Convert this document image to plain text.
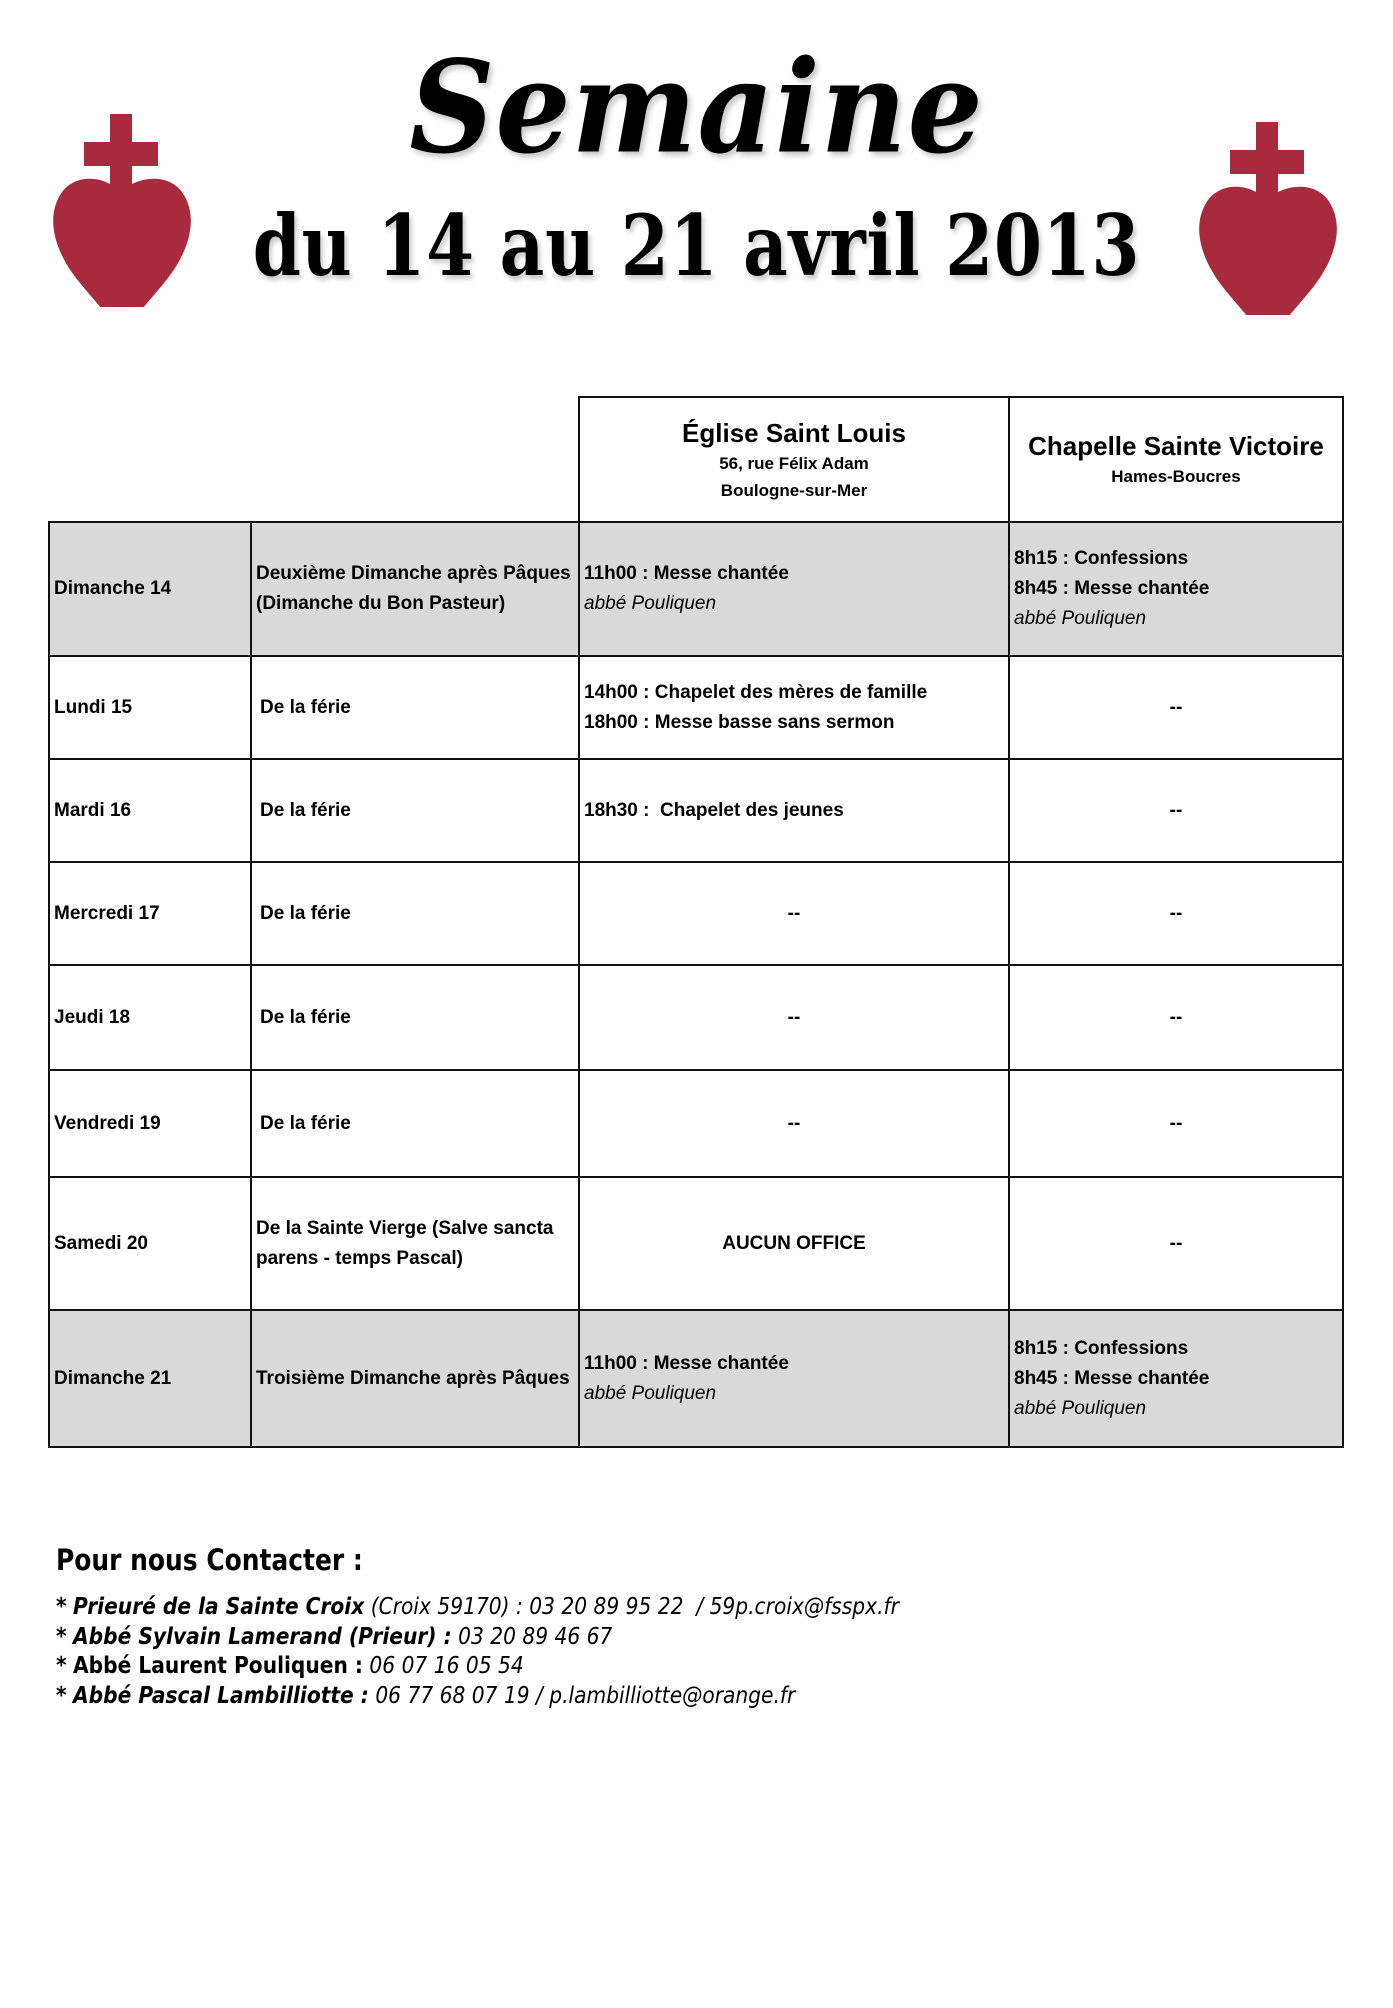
Semaine
du 14 au 21 avril 2013

		Église Saint Louis
56, rue Félix Adam
Boulogne-sur-Mer	Chapelle Sainte Victoire
Hames-Boucres

Dimanche 14	Deuxième Dimanche après Pâques (Dimanche du Bon Pasteur)	11h00 : Messe chantée
abbé Pouliquen	8h15 : Confessions
8h45 : Messe chantée
abbé Pouliquen

Lundi 15	De la férie	14h00 : Chapelet des mères de famille
18h00 : Messe basse sans sermon	--
Mardi 16	De la férie	18h30 :  Chapelet des jeunes	--
Mercredi 17	De la férie	--	--
Jeudi 18	De la férie	--	--
Vendredi 19	De la férie	--	--
Samedi 20	De la Sainte Vierge (Salve sancta parens - temps Pascal)	AUCUN OFFICE	--
Dimanche 21	Troisième Dimanche après Pâques	11h00 : Messe chantée
abbé Pouliquen	8h15 : Confessions
8h45 : Messe chantée
abbé Pouliquen
Pour nous Contacter :
* Prieuré de la Sainte Croix (Croix 59170) : 03 20 89 95 22  / 59p.croix@fsspx.fr
* Abbé Sylvain Lamerand (Prieur) : 03 20 89 46 67
* Abbé Laurent Pouliquen : 06 07 16 05 54
* Abbé Pascal Lambilliotte : 06 77 68 07 19 / p.lambilliotte@orange.fr
